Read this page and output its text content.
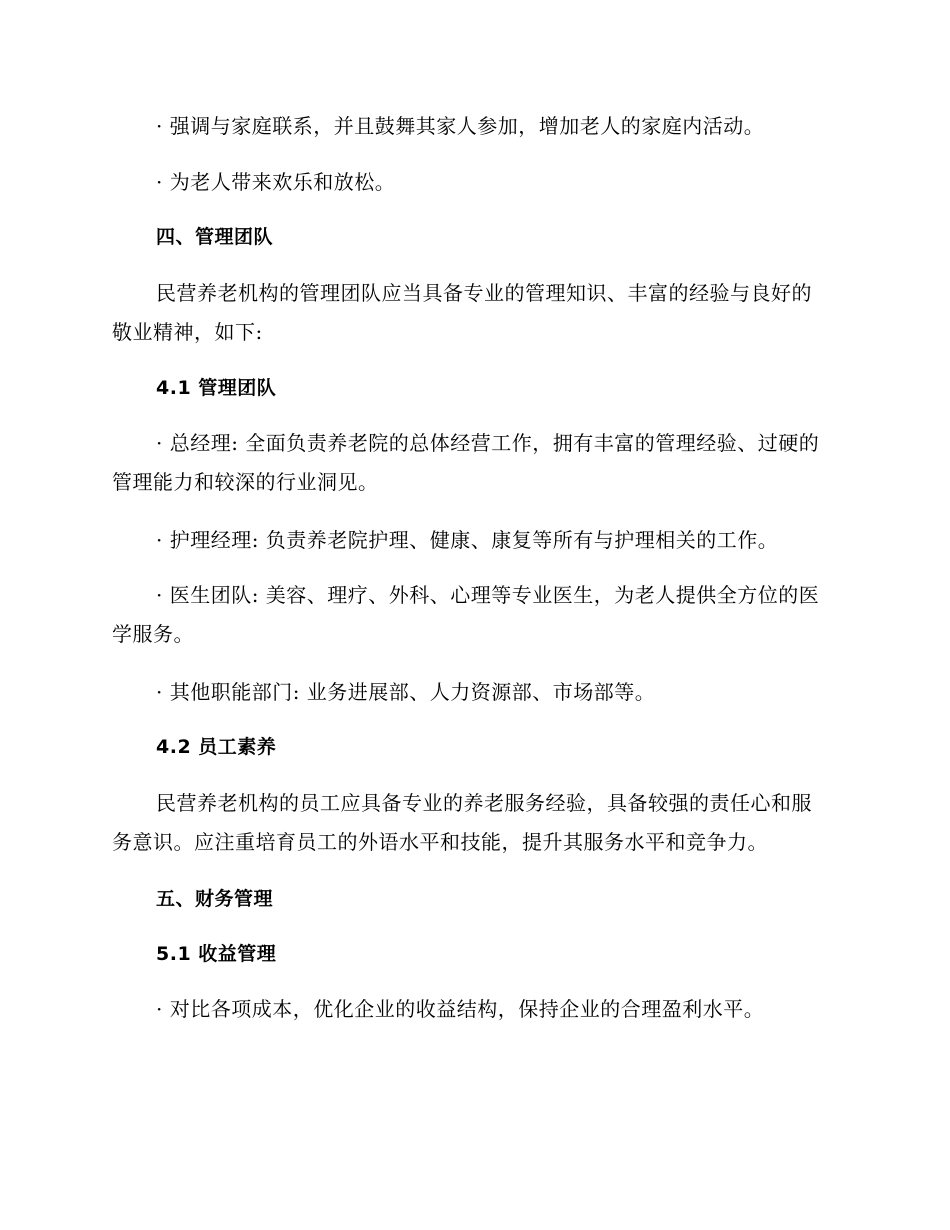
· 强调与家庭联系，并且鼓舞其家人参加，增加老人的家庭内活动。
· 为老人带来欢乐和放松。
四、管理团队
民营养老机构的管理团队应当具备专业的管理知识、丰富的经验与良好的敬业精神，如下:
4.1 管理团队
· 总经理: 全面负责养老院的总体经营工作，拥有丰富的管理经验、过硬的管理能力和较深的行业洞见。
· 护理经理: 负责养老院护理、健康、康复等所有与护理相关的工作。
· 医生团队: 美容、理疗、外科、心理等专业医生，为老人提供全方位的医学服务。
· 其他职能部门: 业务进展部、人力资源部、市场部等。
4.2 员工素养
民营养老机构的员工应具备专业的养老服务经验，具备较强的责任心和服务意识。应注重培育员工的外语水平和技能，提升其服务水平和竞争力。
五、财务管理
5.1 收益管理
· 对比各项成本，优化企业的收益结构，保持企业的合理盈利水平。
